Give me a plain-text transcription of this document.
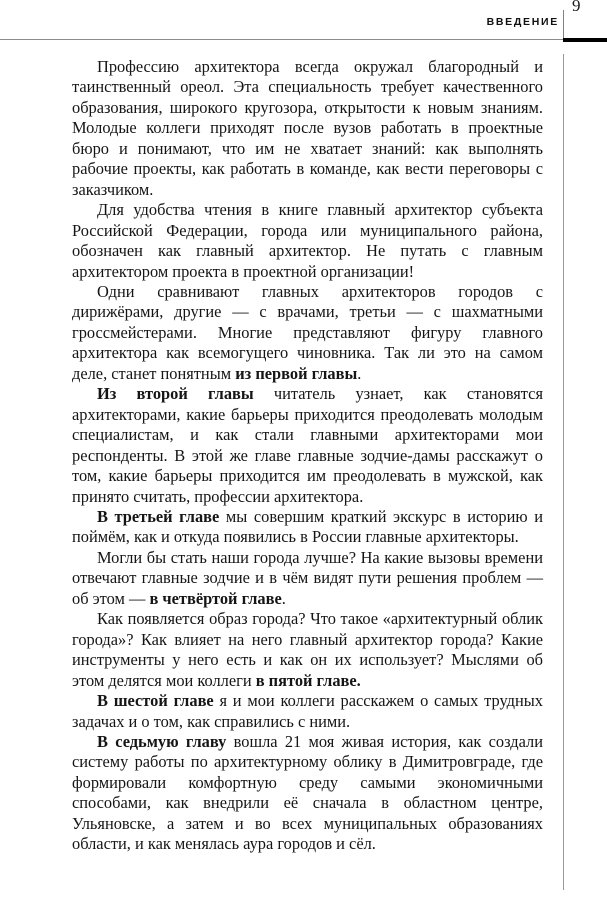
ВВЕДЕНИЕ
9

Профессию архитектора всегда окружал благородный и таинственный ореол. Эта специальность требует качественного образования, широкого кругозора, открытости к новым знаниям. Молодые коллеги приходят после вузов работать в проектные бюро и понимают, что им не хватает знаний: как выполнять рабочие проекты, как работать в команде, как вести переговоры с заказчиком.

Для удобства чтения в книге главный архитектор субъекта Российской Федерации, города или муниципального района, обозначен как главный архитектор. Не путать с главным архитектором проекта в проектной организации!

Одни сравнивают главных архитекторов городов с дирижёрами, другие — с врачами, третьи — с шахматными гроссмейстерами. Многие представляют фигуру главного архитектора как всемогущего чиновника. Так ли это на самом деле, станет понятным из первой главы.

Из второй главы читатель узнает, как становятся архитекторами, какие барьеры приходится преодолевать молодым специалистам, и как стали главными архитекторами мои респонденты. В этой же главе главные зодчие-дамы расскажут о том, какие барьеры приходится им преодолевать в мужской, как принято считать, профессии архитектора.

В третьей главе мы совершим краткий экскурс в историю и поймём, как и откуда появились в России главные архитекторы.

Могли бы стать наши города лучше? На какие вызовы времени отвечают главные зодчие и в чём видят пути решения проблем — об этом — в четвёртой главе.

Как появляется образ города? Что такое «архитектурный облик города»? Как влияет на него главный архитектор города? Какие инструменты у него есть и как он их использует? Мыслями об этом делятся мои коллеги в пятой главе.

В шестой главе я и мои коллеги расскажем о самых трудных задачах и о том, как справились с ними.

В седьмую главу вошла 21 моя живая история, как создали систему работы по архитектурному облику в Димитровграде, где формировали комфортную среду самыми экономичными способами, как внедрили её сначала в областном центре, Ульяновске, а затем и во всех муниципальных образованиях области, и как менялась аура городов и сёл.
